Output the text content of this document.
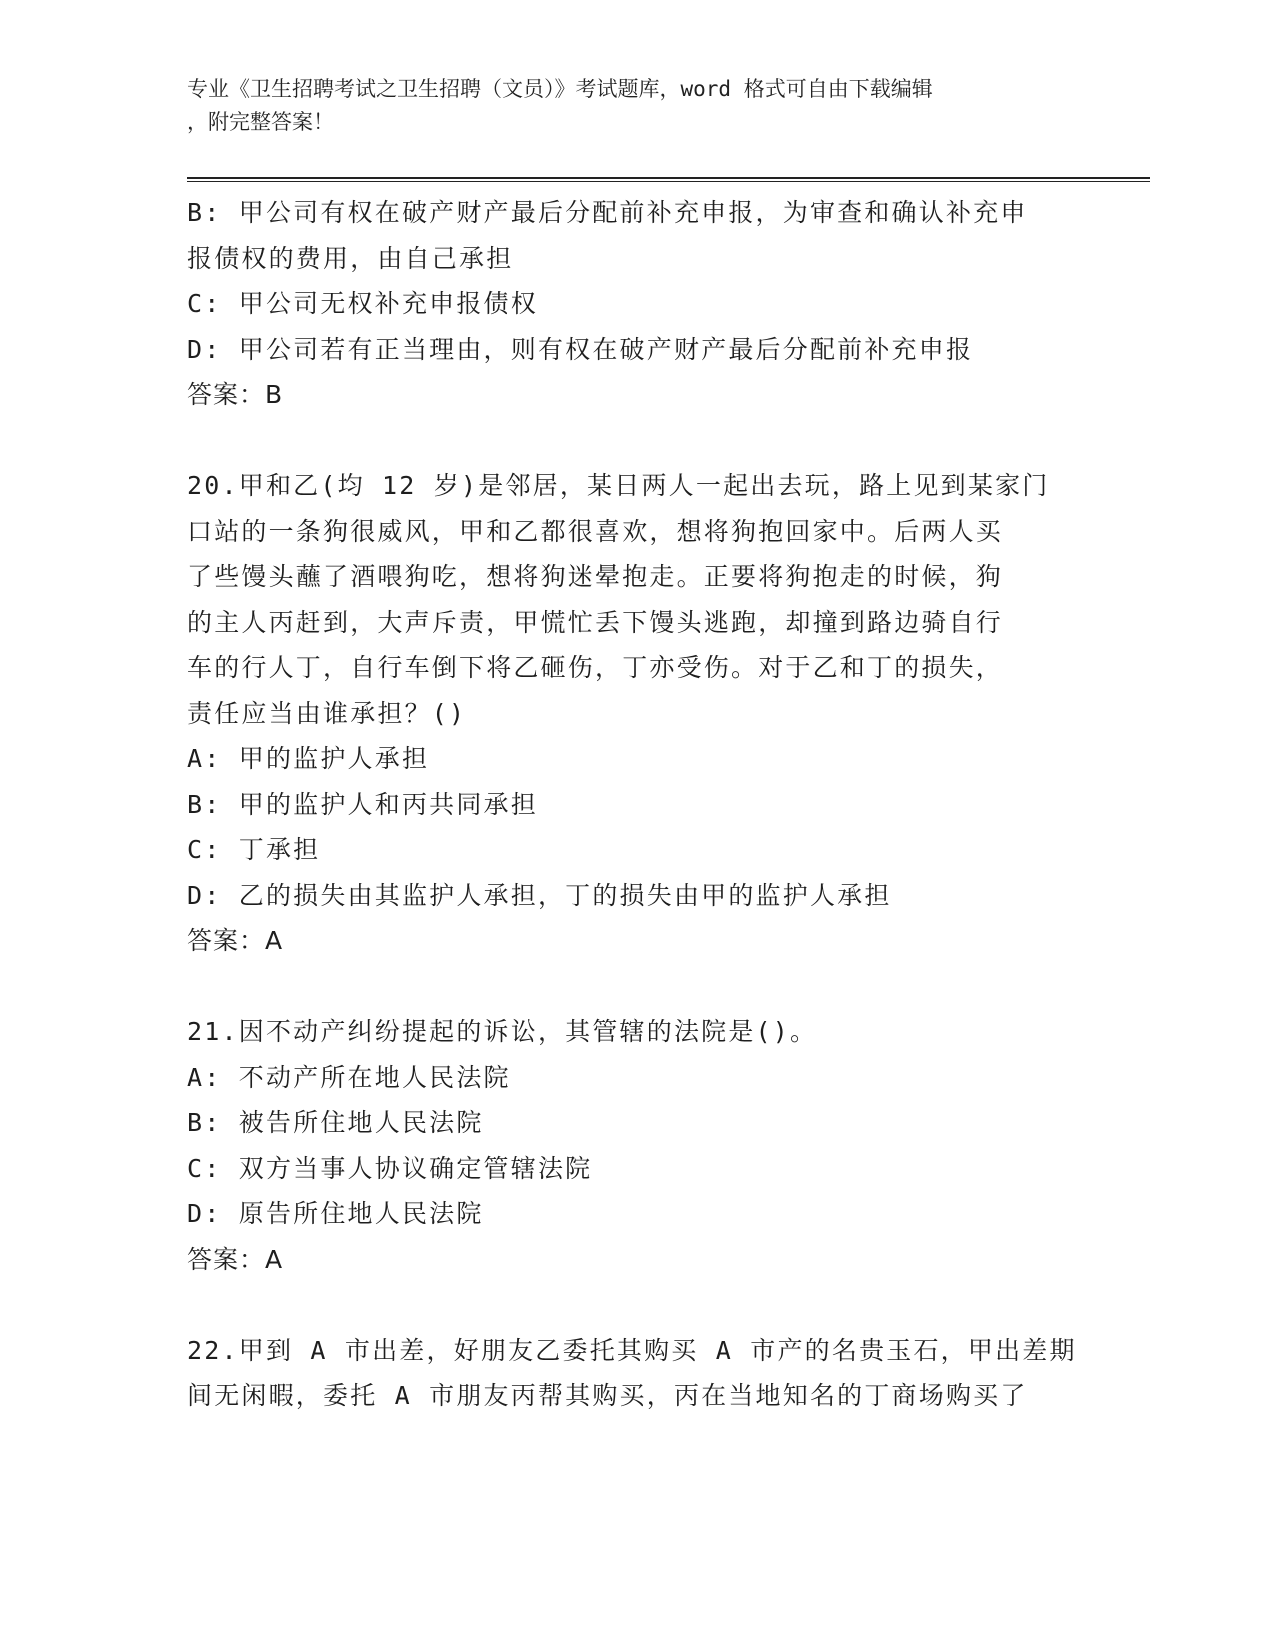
专业《卫生招聘考试之卫生招聘（文员）》考试题库，word 格式可自由下载编辑
，附完整答案！
B: 甲公司有权在破产财产最后分配前补充申报，为审查和确认补充申
报债权的费用，由自己承担
C: 甲公司无权补充申报债权
D: 甲公司若有正当理由，则有权在破产财产最后分配前补充申报
答案：B
20.甲和乙(均 12 岁)是邻居，某日两人一起出去玩，路上见到某家门
口站的一条狗很威风，甲和乙都很喜欢，想将狗抱回家中。后两人买
了些馒头蘸了酒喂狗吃，想将狗迷晕抱走。正要将狗抱走的时候，狗
的主人丙赶到，大声斥责，甲慌忙丢下馒头逃跑，却撞到路边骑自行
车的行人丁，自行车倒下将乙砸伤，丁亦受伤。对于乙和丁的损失，
责任应当由谁承担？()
A: 甲的监护人承担
B: 甲的监护人和丙共同承担
C: 丁承担
D: 乙的损失由其监护人承担，丁的损失由甲的监护人承担
答案：A
21.因不动产纠纷提起的诉讼，其管辖的法院是()。
A: 不动产所在地人民法院
B: 被告所住地人民法院
C: 双方当事人协议确定管辖法院
D: 原告所住地人民法院
答案：A
22.甲到 A 市出差，好朋友乙委托其购买 A 市产的名贵玉石，甲出差期
间无闲暇，委托 A 市朋友丙帮其购买，丙在当地知名的丁商场购买了
